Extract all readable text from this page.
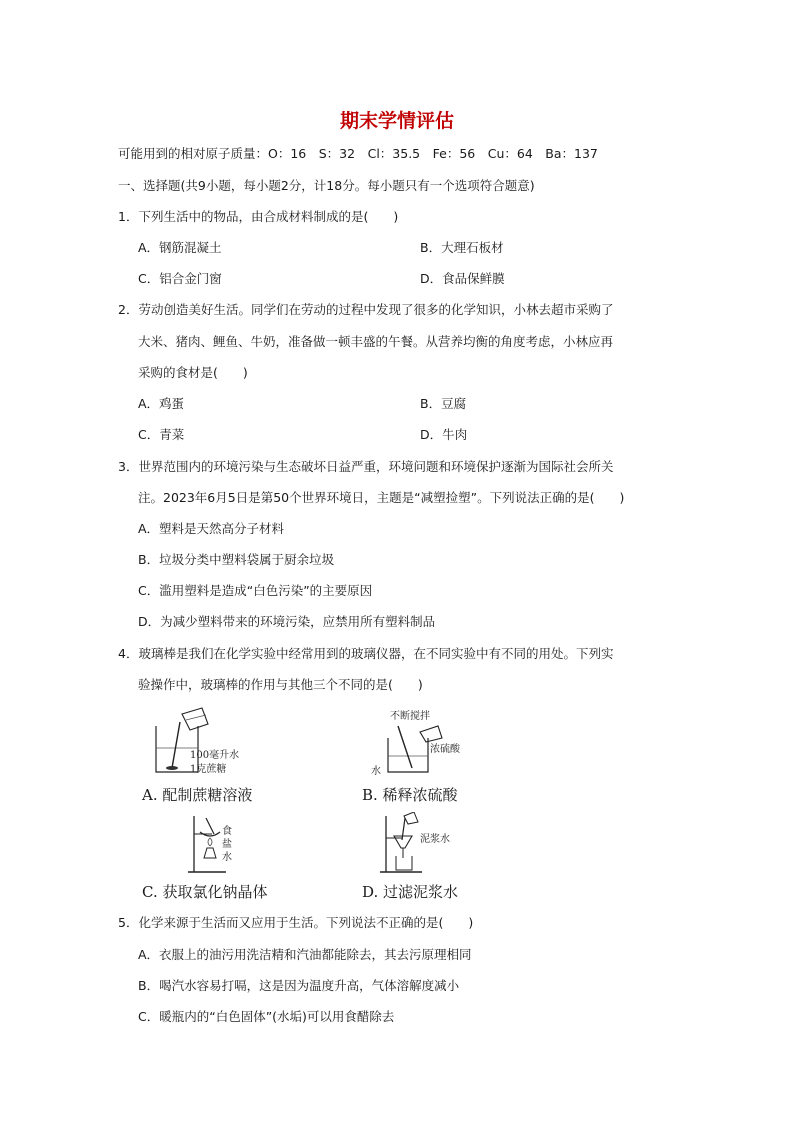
期末学情评估
可能用到的相对原子质量：O：16　S：32　Cl：35.5　Fe：56　Cu：64　Ba：137
一、选择题(共9小题，每小题2分，计18分。每小题只有一个选项符合题意)
1．下列生活中的物品，由合成材料制成的是(　　)
A．钢筋混凝土	B．大理石板材
C．铝合金门窗	D．食品保鲜膜
2．劳动创造美好生活。同学们在劳动的过程中发现了很多的化学知识，小林去超市采购了
大米、猪肉、鲤鱼、牛奶，准备做一顿丰盛的午餐。从营养均衡的角度考虑，小林应再
采购的食材是(　　)
A．鸡蛋	B．豆腐
C．青菜	D．牛肉
3．世界范围内的环境污染与生态破坏日益严重，环境问题和环境保护逐渐为国际社会所关
注。2023年6月5日是第50个世界环境日，主题是“减塑捡塑”。下列说法正确的是(　　)
A．塑料是天然高分子材料
B．垃圾分类中塑料袋属于厨余垃圾
C．滥用塑料是造成“白色污染”的主要原因
D．为减少塑料带来的环境污染，应禁用所有塑料制品
4．玻璃棒是我们在化学实验中经常用到的玻璃仪器，在不同实验中有不同的用处。下列实
验操作中，玻璃棒的作用与其他三个不同的是(　　)
100毫升水
1克蔗糖
A. 配制蔗糖溶液
不断搅拌
浓硫酸
水
B. 稀释浓硫酸
食盐水
C. 获取氯化钠晶体
泥浆水
D. 过滤泥浆水
5．化学来源于生活而又应用于生活。下列说法不正确的是(　　)
A．衣服上的油污用洗洁精和汽油都能除去，其去污原理相同
B．喝汽水容易打嗝，这是因为温度升高，气体溶解度减小
C．暖瓶内的“白色固体”(水垢)可以用食醋除去
